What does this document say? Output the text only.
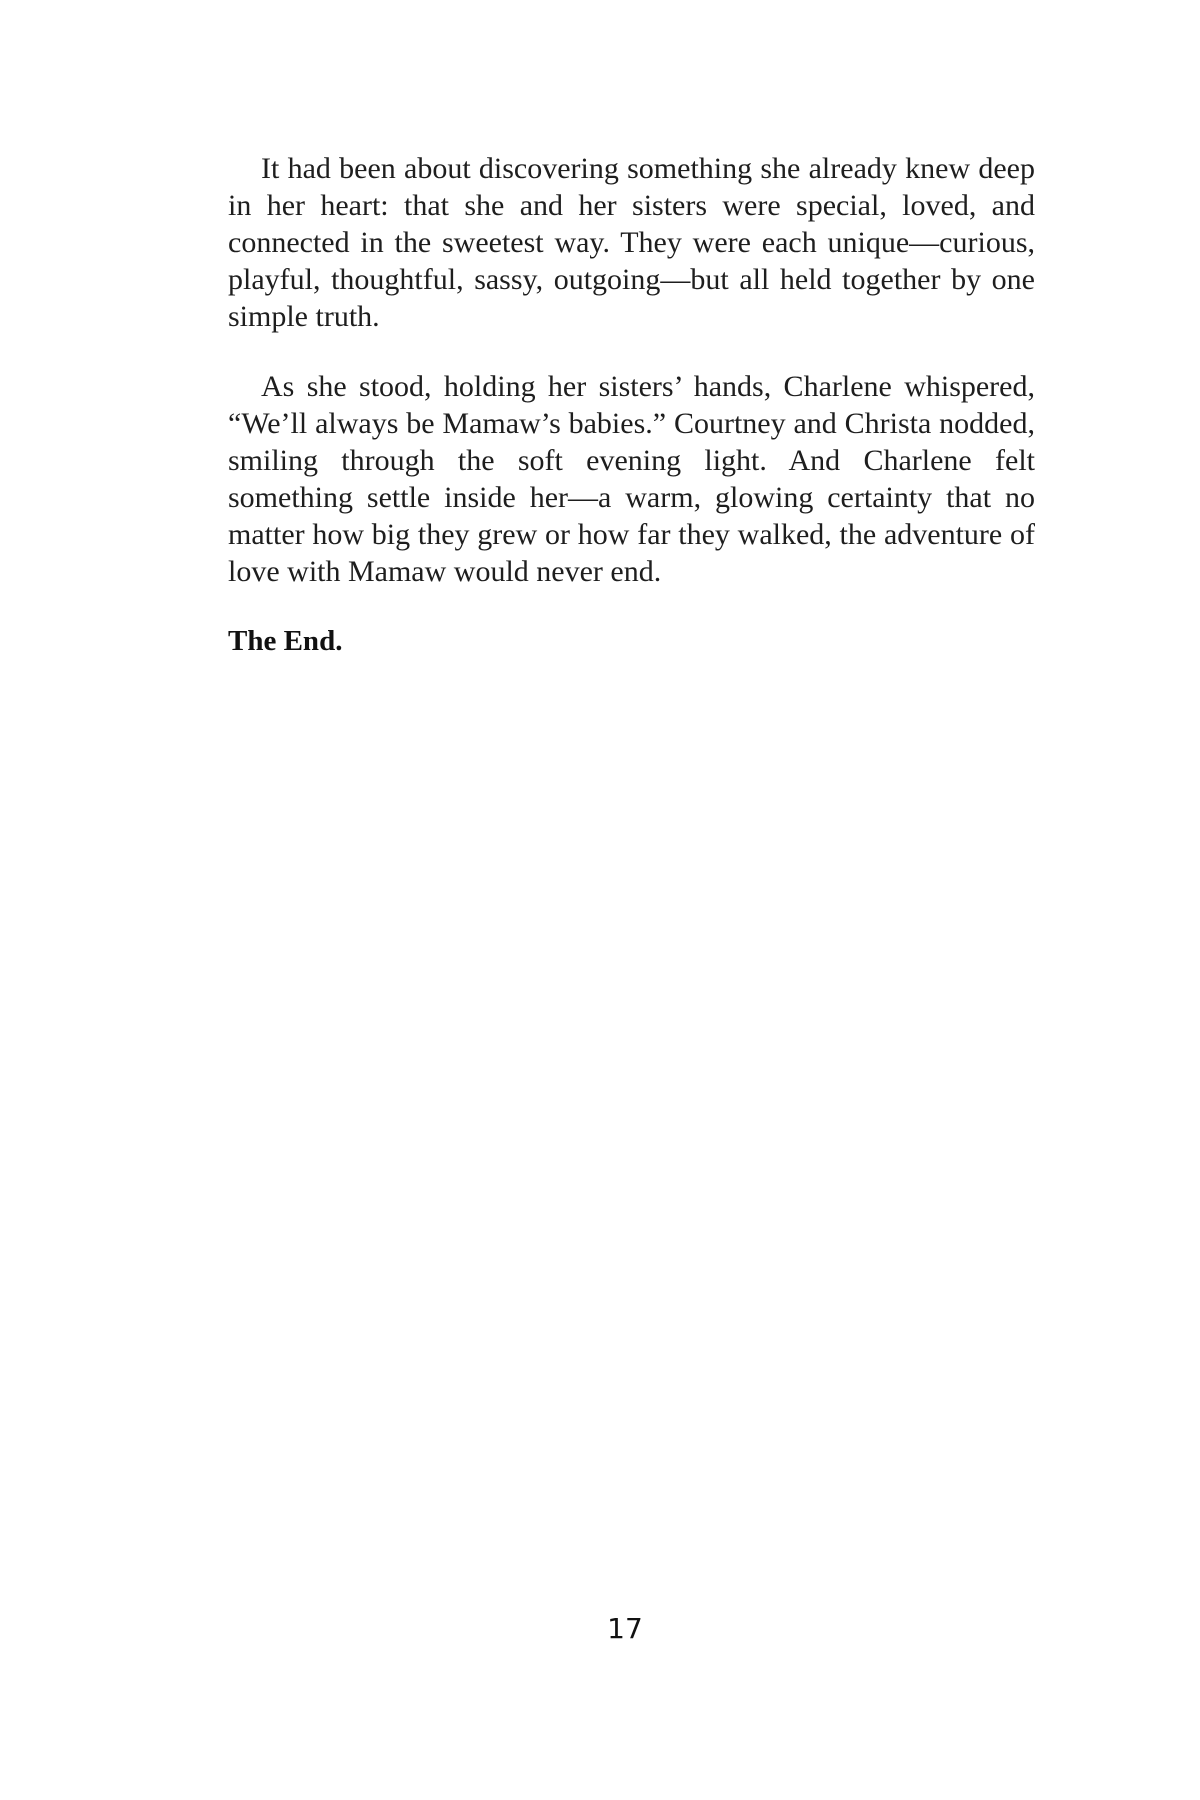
It had been about discovering something she already knew deep in her heart: that she and her sisters were special, loved, and connected in the sweetest way. They were each unique—curious, playful, thoughtful, sassy, outgoing—but all held together by one simple truth.

As she stood, holding her sisters’ hands, Charlene whispered, “We’ll always be Mamaw’s babies.” Courtney and Christa nodded, smiling through the soft evening light. And Charlene felt something settle inside her—a warm, glowing certainty that no matter how big they grew or how far they walked, the adventure of love with Mamaw would never end.

The End.

17
